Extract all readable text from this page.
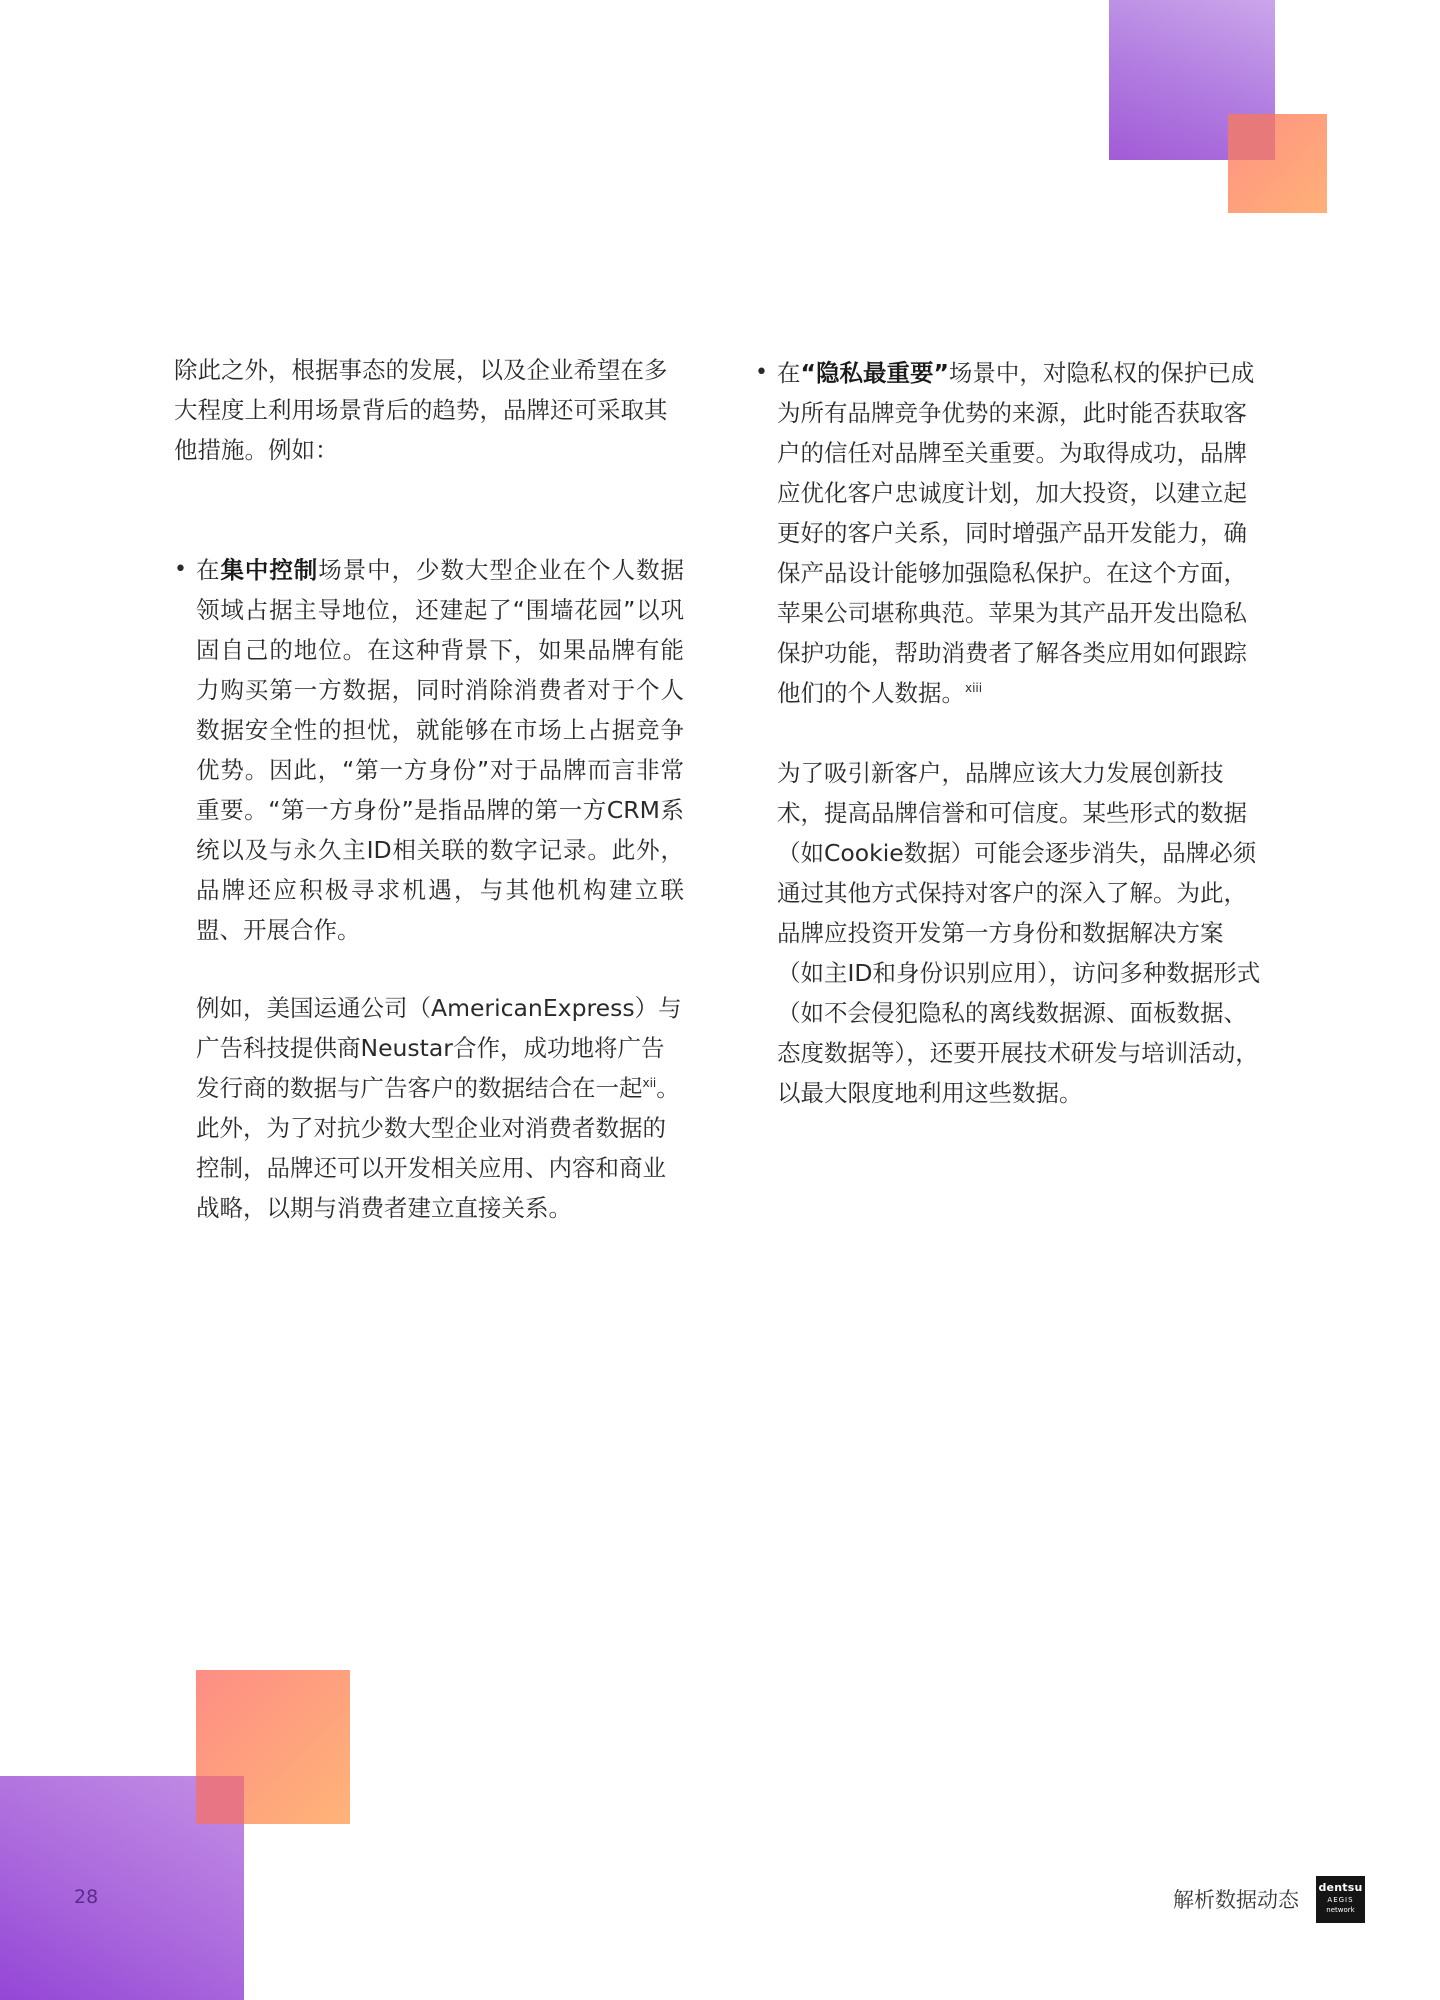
除此之外，根据事态的发展，以及企业希望在多大程度上利用场景背后的趋势，品牌还可采取其他措施。例如：

• 在集中控制场景中，少数大型企业在个人数据领域占据主导地位，还建起了“围墙花园”以巩固自己的地位。在这种背景下，如果品牌有能力购买第一方数据，同时消除消费者对于个人数据安全性的担忧，就能够在市场上占据竞争优势。因此，“第一方身份”对于品牌而言非常重要。“第一方身份”是指品牌的第一方CRM系统以及与永久主ID相关联的数字记录。此外，品牌还应积极寻求机遇，与其他机构建立联盟、开展合作。

例如，美国运通公司（AmericanExpress）与广告科技提供商Neustar合作，成功地将广告发行商的数据与广告客户的数据结合在一起$^{xii}$。此外，为了对抗少数大型企业对消费者数据的控制，品牌还可以开发相关应用、内容和商业战略，以期与消费者建立直接关系。

• 在“隐私最重要”场景中，对隐私权的保护已成为所有品牌竞争优势的来源，此时能否获取客户的信任对品牌至关重要。为取得成功，品牌应优化客户忠诚度计划，加大投资，以建立起更好的客户关系，同时增强产品开发能力，确保产品设计能够加强隐私保护。在这个方面，苹果公司堪称典范。苹果为其产品开发出隐私保护功能，帮助消费者了解各类应用如何跟踪他们的个人数据。$^{xiii}$

为了吸引新客户，品牌应该大力发展创新技术，提高品牌信誉和可信度。某些形式的数据（如Cookie数据）可能会逐步消失，品牌必须通过其他方式保持对客户的深入了解。为此，品牌应投资开发第一方身份和数据解决方案（如主ID和身份识别应用），访问多种数据形式（如不会侵犯隐私的离线数据源、面板数据、态度数据等），还要开展技术研发与培训活动，以最大限度地利用这些数据。

28	解析数据动态
dentsu
AEGIS
network
